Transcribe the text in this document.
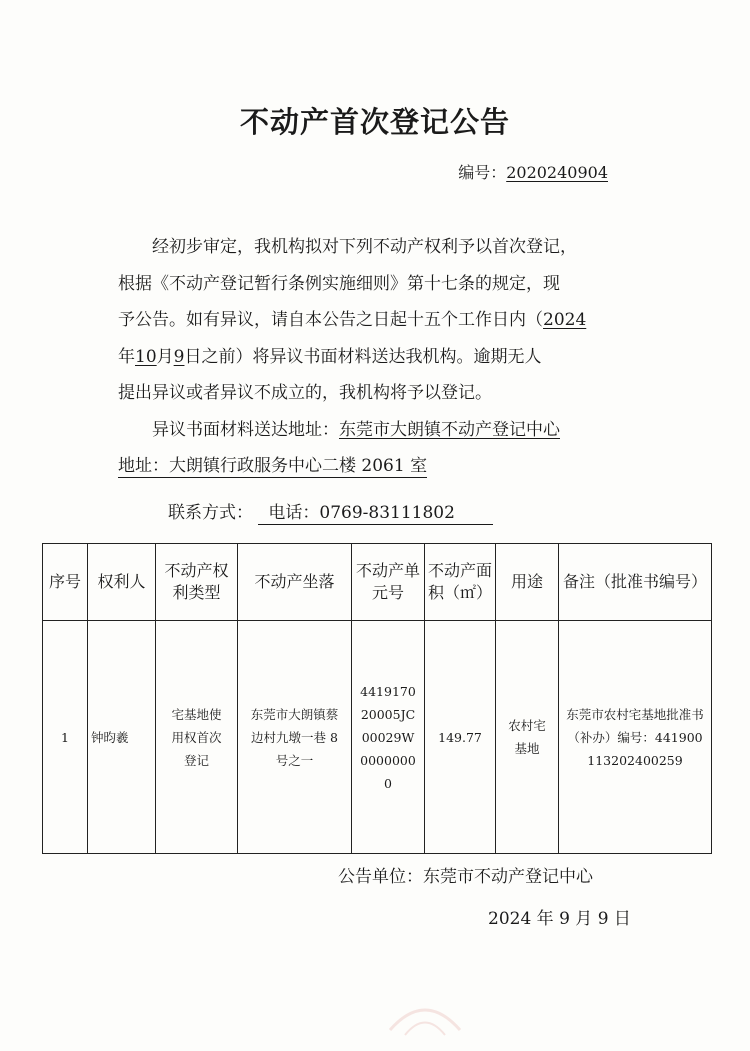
不动产首次登记公告
编号：2020240904

经初步审定，我机构拟对下列不动产权利予以首次登记，

根据《不动产登记暂行条例实施细则》第十七条的规定，现

予公告。如有异议，请自本公告之日起十五个工作日内（2024

年10月9日之前）将异议书面材料送达我机构。逾期无人

提出异议或者异议不成立的，我机构将予以登记。

异议书面材料送达地址：东莞市大朗镇不动产登记中心

地址：大朗镇行政服务中心二楼 2061 室

联系方式： 电话：0769-83111802
序号	权利人	不动产权利类型	不动产坐落	不动产单元号	不动产面积（㎡）	用途	备注（批准书编号）
1	钟昀羲	宅基地使用权首次登记	东莞市大朗镇蔡边村九墩一巷 8 号之一	441917020005JC00029W00000000	149.77	农村宅基地	东莞市农村宅基地批准书（补办）编号：441900113202400259
公告单位：东莞市不动产登记中心
2024 年 9 月 9 日
